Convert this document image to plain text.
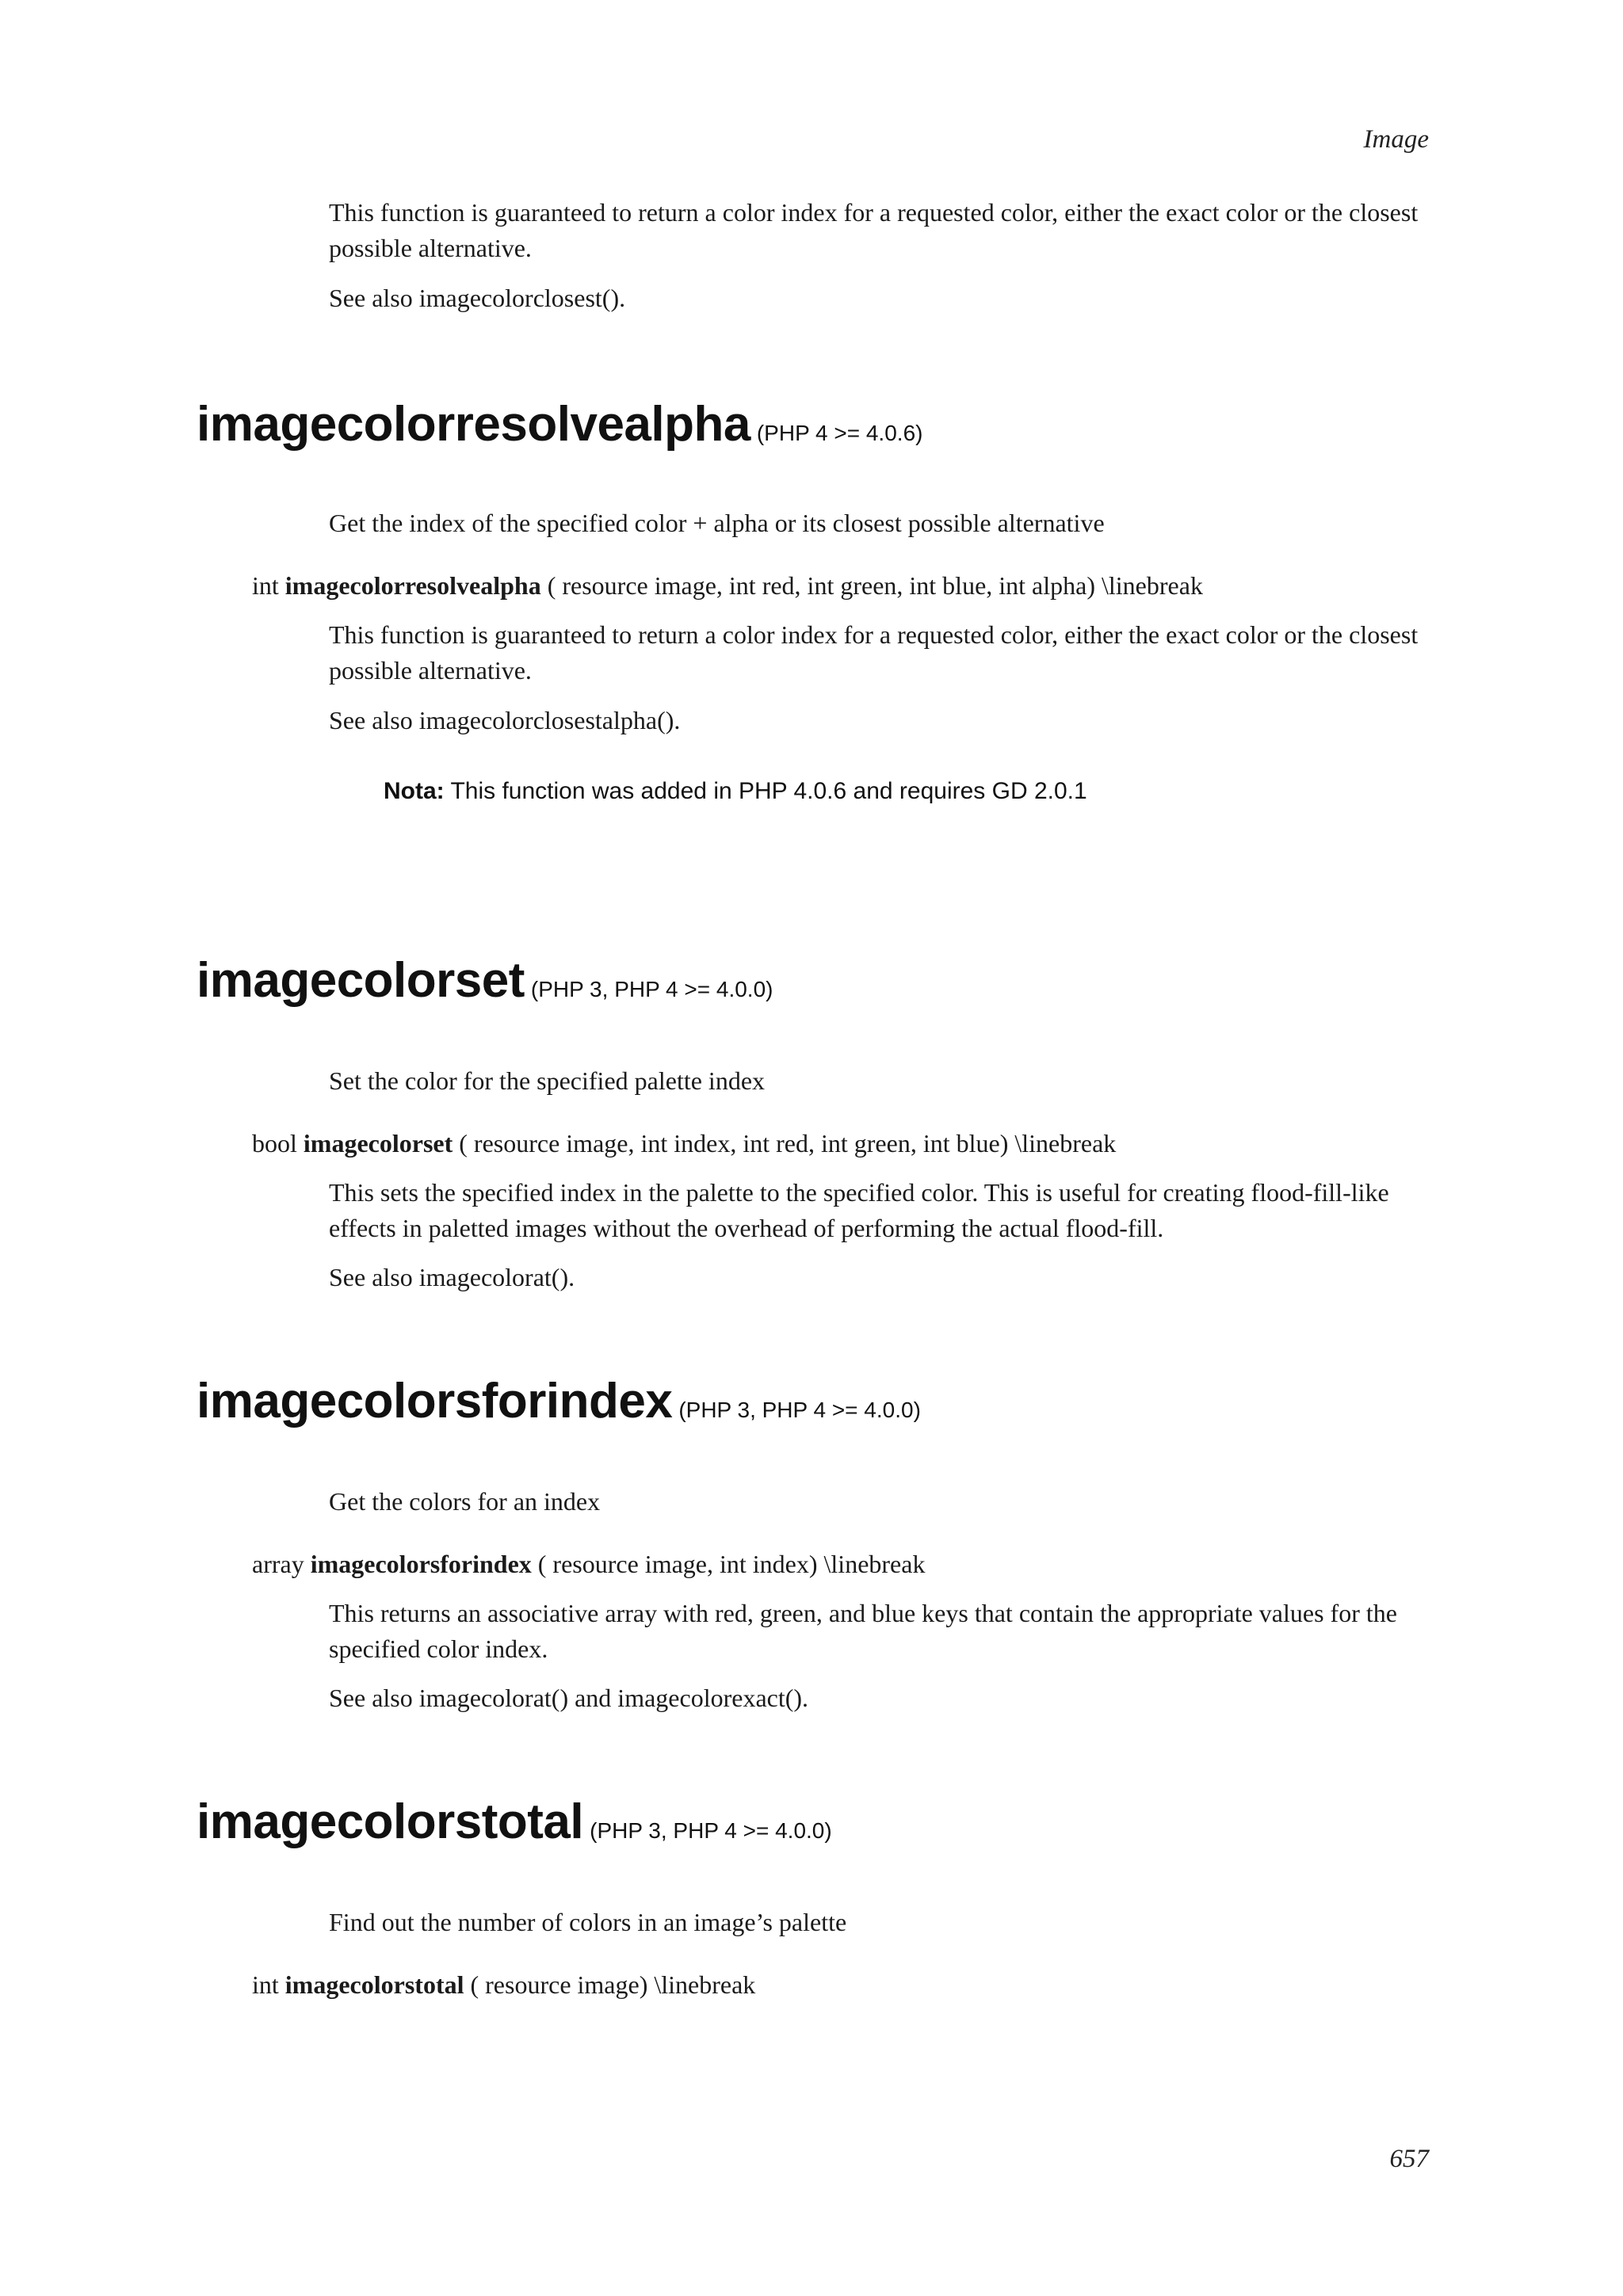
Image

This function is guaranteed to return a color index for a requested color, either the exact color or the closest possible alternative.

See also imagecolorclosest().

imagecolorresolvealpha (PHP 4 >= 4.0.6)

Get the index of the specified color + alpha or its closest possible alternative

int imagecolorresolvealpha ( resource image, int red, int green, int blue, int alpha) \linebreak

This function is guaranteed to return a color index for a requested color, either the exact color or the closest possible alternative.

See also imagecolorclosestalpha().

Nota: This function was added in PHP 4.0.6 and requires GD 2.0.1

imagecolorset (PHP 3, PHP 4 >= 4.0.0)

Set the color for the specified palette index

bool imagecolorset ( resource image, int index, int red, int green, int blue) \linebreak

This sets the specified index in the palette to the specified color. This is useful for creating flood-fill-like effects in paletted images without the overhead of performing the actual flood-fill.

See also imagecolorat().

imagecolorsforindex (PHP 3, PHP 4 >= 4.0.0)

Get the colors for an index

array imagecolorsforindex ( resource image, int index) \linebreak

This returns an associative array with red, green, and blue keys that contain the appropriate values for the specified color index.

See also imagecolorat() and imagecolorexact().

imagecolorstotal (PHP 3, PHP 4 >= 4.0.0)

Find out the number of colors in an image’s palette

int imagecolorstotal ( resource image) \linebreak

657
